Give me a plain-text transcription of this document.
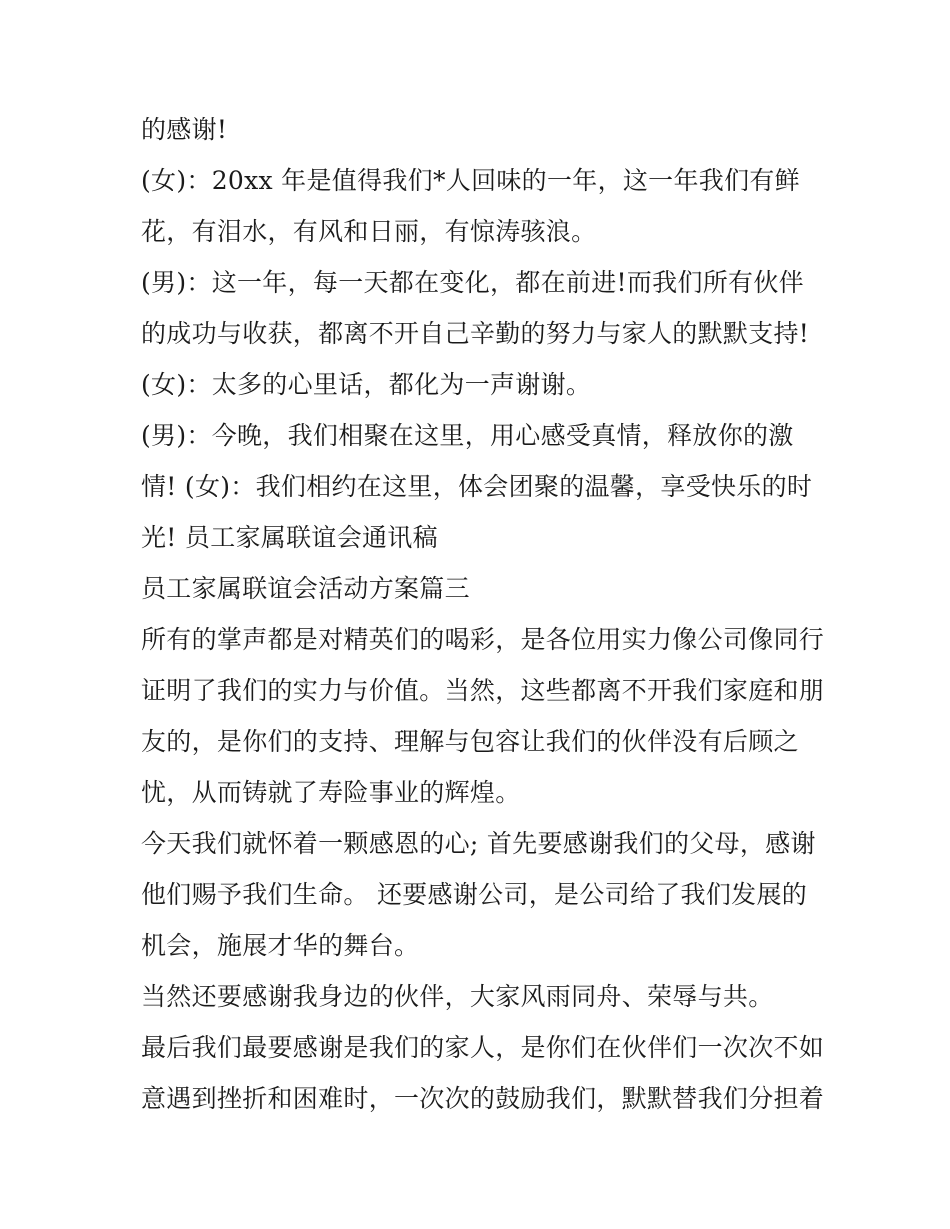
的感谢!
(女)：20xx 年是值得我们*人回味的一年，这一年我们有鲜
花，有泪水，有风和日丽，有惊涛骇浪。
(男)：这一年，每一天都在变化，都在前进!而我们所有伙伴
的成功与收获，都离不开自己辛勤的努力与家人的默默支持!
(女)：太多的心里话，都化为一声谢谢。
(男)：今晚，我们相聚在这里，用心感受真情，释放你的激
情! (女)：我们相约在这里，体会团聚的温馨，享受快乐的时
光! 员工家属联谊会通讯稿
员工家属联谊会活动方案篇三
所有的掌声都是对精英们的喝彩，是各位用实力像公司像同行
证明了我们的实力与价值。当然，这些都离不开我们家庭和朋
友的，是你们的支持、理解与包容让我们的伙伴没有后顾之
忧，从而铸就了寿险事业的辉煌。
今天我们就怀着一颗感恩的心; 首先要感谢我们的父母，感谢
他们赐予我们生命。 还要感谢公司，是公司给了我们发展的
机会，施展才华的舞台。
当然还要感谢我身边的伙伴，大家风雨同舟、荣辱与共。
最后我们最要感谢是我们的家人，是你们在伙伴们一次次不如
意遇到挫折和困难时，一次次的鼓励我们，默默替我们分担着
